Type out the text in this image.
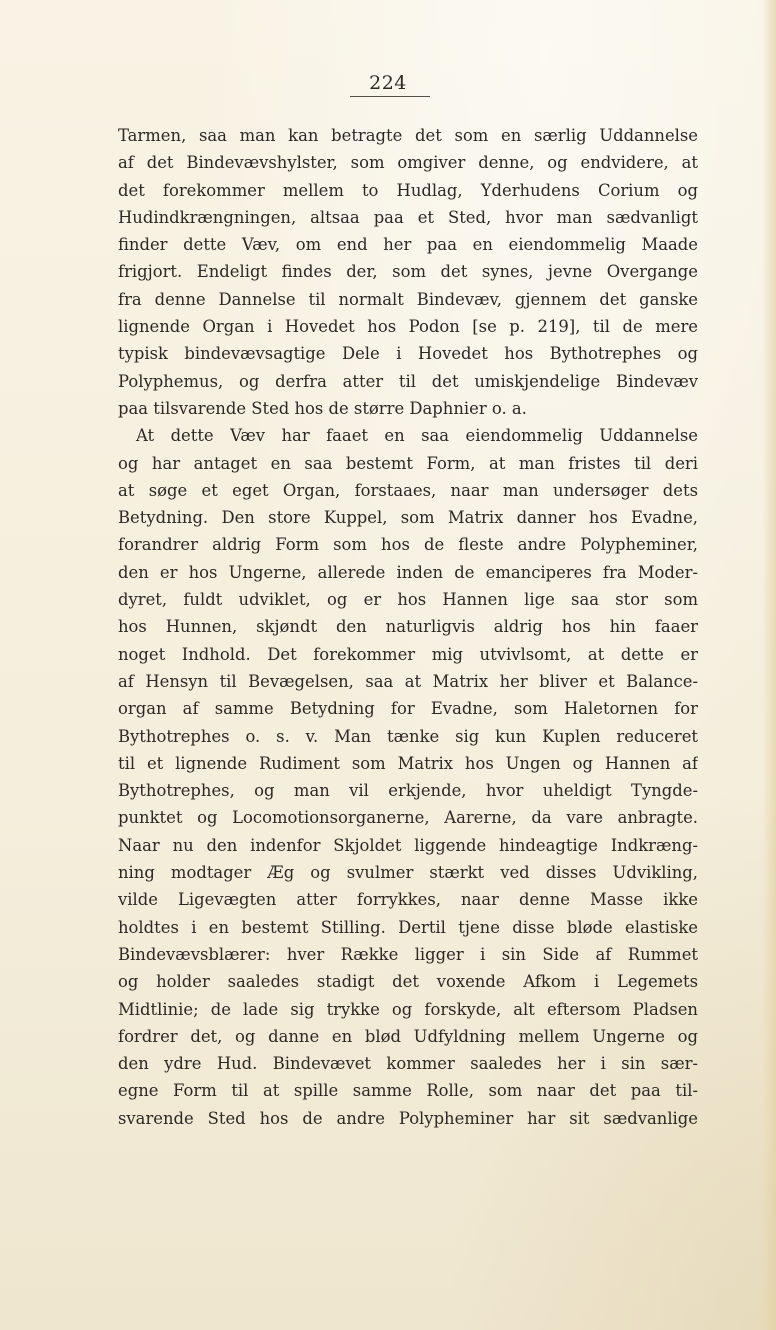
224
Tarmen, saa man kan betragte det som en særlig Uddannelse
af det Bindevævshylster, som omgiver denne, og endvidere, at
det forekommer mellem to Hudlag, Yderhudens Corium og
Hudindkrængningen, altsaa paa et Sted, hvor man sædvanligt
finder dette Væv, om end her paa en eiendommelig Maade
frigjort. Endeligt findes der, som det synes, jevne Overgange
fra denne Dannelse til normalt Bindevæv, gjennem det ganske
lignende Organ i Hovedet hos Podon [se p. 219], til de mere
typisk bindevævsagtige Dele i Hovedet hos Bythotrephes og
Polyphemus, og derfra atter til det umiskjendelige Bindevæv
paa tilsvarende Sted hos de større Daphnier o. a.
At dette Væv har faaet en saa eiendommelig Uddannelse
og har antaget en saa bestemt Form, at man fristes til deri
at søge et eget Organ, forstaaes, naar man undersøger dets
Betydning. Den store Kuppel, som Matrix danner hos Evadne,
forandrer aldrig Form som hos de fleste andre Polypheminer,
den er hos Ungerne, allerede inden de emanciperes fra Moder-
dyret, fuldt udviklet, og er hos Hannen lige saa stor som
hos Hunnen, skjøndt den naturligvis aldrig hos hin faaer
noget Indhold. Det forekommer mig utvivlsomt, at dette er
af Hensyn til Bevægelsen, saa at Matrix her bliver et Balance-
organ af samme Betydning for Evadne, som Haletornen for
Bythotrephes o. s. v. Man tænke sig kun Kuplen reduceret
til et lignende Rudiment som Matrix hos Ungen og Hannen af
Bythotrephes, og man vil erkjende, hvor uheldigt Tyngde-
punktet og Locomotionsorganerne, Aarerne, da vare anbragte.
Naar nu den indenfor Skjoldet liggende hindeagtige Indkræng-
ning modtager Æg og svulmer stærkt ved disses Udvikling,
vilde Ligevægten atter forrykkes, naar denne Masse ikke
holdtes i en bestemt Stilling. Dertil tjene disse bløde elastiske
Bindevævsblærer: hver Række ligger i sin Side af Rummet
og holder saaledes stadigt det voxende Afkom i Legemets
Midtlinie; de lade sig trykke og forskyde, alt eftersom Pladsen
fordrer det, og danne en blød Udfyldning mellem Ungerne og
den ydre Hud. Bindevævet kommer saaledes her i sin sær-
egne Form til at spille samme Rolle, som naar det paa til-
svarende Sted hos de andre Polypheminer har sit sædvanlige
